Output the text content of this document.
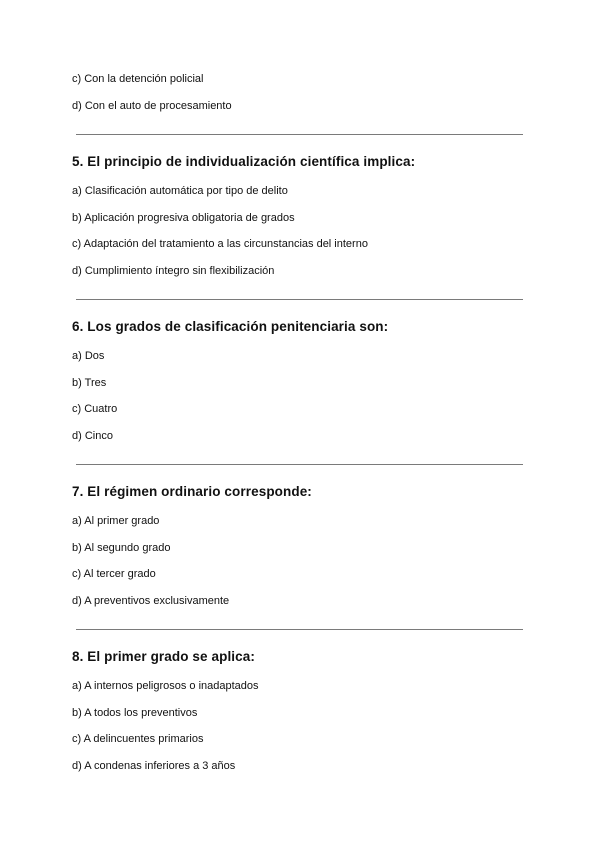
c) Con la detención policial
d) Con el auto de procesamiento
5. El principio de individualización científica implica:
a) Clasificación automática por tipo de delito
b) Aplicación progresiva obligatoria de grados
c) Adaptación del tratamiento a las circunstancias del interno
d) Cumplimiento íntegro sin flexibilización
6. Los grados de clasificación penitenciaria son:
a) Dos
b) Tres
c) Cuatro
d) Cinco
7. El régimen ordinario corresponde:
a) Al primer grado
b) Al segundo grado
c) Al tercer grado
d) A preventivos exclusivamente
8. El primer grado se aplica:
a) A internos peligrosos o inadaptados
b) A todos los preventivos
c) A delincuentes primarios
d) A condenas inferiores a 3 años
